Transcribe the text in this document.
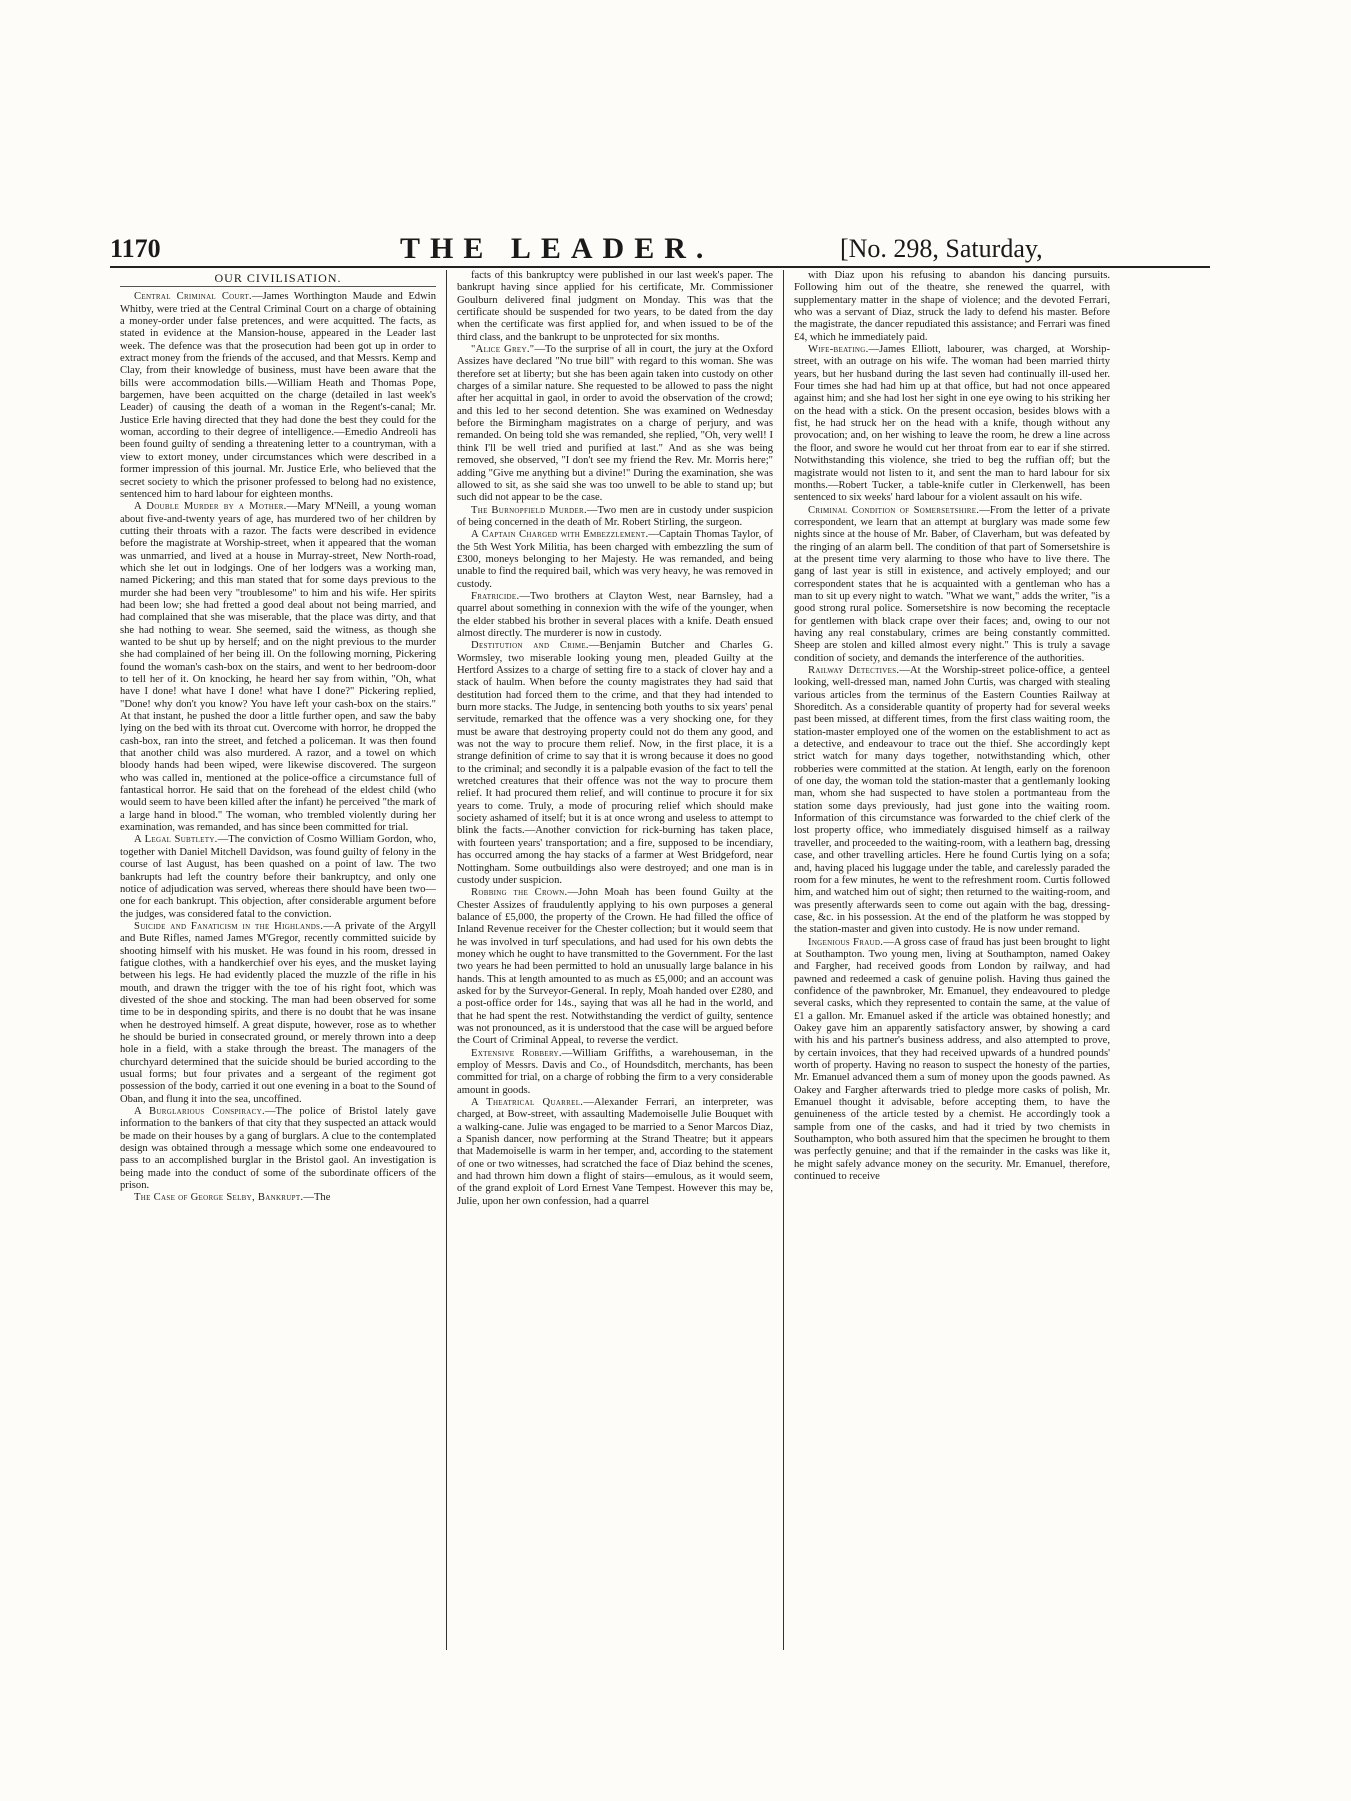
1170	THE LEADER.	[No. 298, Saturday,
OUR CIVILISATION.

Central Criminal Court.—James Worthington Maude and Edwin Whitby, were tried at the Central Criminal Court on a charge of obtaining a money-order under false pretences, and were acquitted. The facts, as stated in evidence at the Mansion-house, appeared in the Leader last week. The defence was that the prosecution had been got up in order to extract money from the friends of the accused, and that Messrs. Kemp and Clay, from their knowledge of business, must have been aware that the bills were accommodation bills.—William Heath and Thomas Pope, bargemen, have been acquitted on the charge (detailed in last week's Leader) of causing the death of a woman in the Regent's-canal; Mr. Justice Erle having directed that they had done the best they could for the woman, according to their degree of intelligence.—Emedio Andreoli has been found guilty of sending a threatening letter to a countryman, with a view to extort money, under circumstances which were described in a former impression of this journal. Mr. Justice Erle, who believed that the secret society to which the prisoner professed to belong had no existence, sentenced him to hard labour for eighteen months.

A Double Murder by a Mother.—Mary M'Neill, a young woman about five-and-twenty years of age, has murdered two of her children by cutting their throats with a razor. The facts were described in evidence before the magistrate at Worship-street, when it appeared that the woman was unmarried, and lived at a house in Murray-street, New North-road, which she let out in lodgings. One of her lodgers was a working man, named Pickering; and this man stated that for some days previous to the murder she had been very "troublesome" to him and his wife. Her spirits had been low; she had fretted a good deal about not being married, and had complained that she was miserable, that the place was dirty, and that she had nothing to wear. She seemed, said the witness, as though she wanted to be shut up by herself; and on the night previous to the murder she had complained of her being ill. On the following morning, Pickering found the woman's cash-box on the stairs, and went to her bedroom-door to tell her of it. On knocking, he heard her say from within, "Oh, what have I done! what have I done! what have I done?" Pickering replied, "Done! why don't you know? You have left your cash-box on the stairs." At that instant, he pushed the door a little further open, and saw the baby lying on the bed with its throat cut. Overcome with horror, he dropped the cash-box, ran into the street, and fetched a policeman. It was then found that another child was also murdered. A razor, and a towel on which bloody hands had been wiped, were likewise discovered. The surgeon who was called in, mentioned at the police-office a circumstance full of fantastical horror. He said that on the forehead of the eldest child (who would seem to have been killed after the infant) he perceived "the mark of a large hand in blood." The woman, who trembled violently during her examination, was remanded, and has since been committed for trial.

A Legal Subtlety.—The conviction of Cosmo William Gordon, who, together with Daniel Mitchell Davidson, was found guilty of felony in the course of last August, has been quashed on a point of law. The two bankrupts had left the country before their bankruptcy, and only one notice of adjudication was served, whereas there should have been two—one for each bankrupt. This objection, after considerable argument before the judges, was considered fatal to the conviction.

Suicide and Fanaticism in the Highlands.—A private of the Argyll and Bute Rifles, named James M'Gregor, recently committed suicide by shooting himself with his musket. He was found in his room, dressed in fatigue clothes, with a handkerchief over his eyes, and the musket laying between his legs. He had evidently placed the muzzle of the rifle in his mouth, and drawn the trigger with the toe of his right foot, which was divested of the shoe and stocking. The man had been observed for some time to be in desponding spirits, and there is no doubt that he was insane when he destroyed himself. A great dispute, however, rose as to whether he should be buried in consecrated ground, or merely thrown into a deep hole in a field, with a stake through the breast. The managers of the churchyard determined that the suicide should be buried according to the usual forms; but four privates and a sergeant of the regiment got possession of the body, carried it out one evening in a boat to the Sound of Oban, and flung it into the sea, uncoffined.

A Burglarious Conspiracy.—The police of Bristol lately gave information to the bankers of that city that they suspected an attack would be made on their houses by a gang of burglars. A clue to the contemplated design was obtained through a message which some one endeavoured to pass to an accomplished burglar in the Bristol gaol. An investigation is being made into the conduct of some of the subordinate officers of the prison.

The Case of George Selby, Bankrupt.—The

facts of this bankruptcy were published in our last week's paper. The bankrupt having since applied for his certificate, Mr. Commissioner Goulburn delivered final judgment on Monday. This was that the certificate should be suspended for two years, to be dated from the day when the certificate was first applied for, and when issued to be of the third class, and the bankrupt to be unprotected for six months.

"Alice Grey."—To the surprise of all in court, the jury at the Oxford Assizes have declared "No true bill" with regard to this woman. She was therefore set at liberty; but she has been again taken into custody on other charges of a similar nature. She requested to be allowed to pass the night after her acquittal in gaol, in order to avoid the observation of the crowd; and this led to her second detention. She was examined on Wednesday before the Birmingham magistrates on a charge of perjury, and was remanded. On being told she was remanded, she replied, "Oh, very well! I think I'll be well tried and purified at last." And as she was being removed, she observed, "I don't see my friend the Rev. Mr. Morris here;" adding "Give me anything but a divine!" During the examination, she was allowed to sit, as she said she was too unwell to be able to stand up; but such did not appear to be the case.

The Burnopfield Murder.—Two men are in custody under suspicion of being concerned in the death of Mr. Robert Stirling, the surgeon.

A Captain Charged with Embezzlement.—Captain Thomas Taylor, of the 5th West York Militia, has been charged with embezzling the sum of £300, moneys belonging to her Majesty. He was remanded, and being unable to find the required bail, which was very heavy, he was removed in custody.

Fratricide.—Two brothers at Clayton West, near Barnsley, had a quarrel about something in connexion with the wife of the younger, when the elder stabbed his brother in several places with a knife. Death ensued almost directly. The murderer is now in custody.

Destitution and Crime.—Benjamin Butcher and Charles G. Wormsley, two miserable looking young men, pleaded Guilty at the Hertford Assizes to a charge of setting fire to a stack of clover hay and a stack of haulm. When before the county magistrates they had said that destitution had forced them to the crime, and that they had intended to burn more stacks. The Judge, in sentencing both youths to six years' penal servitude, remarked that the offence was a very shocking one, for they must be aware that destroying property could not do them any good, and was not the way to procure them relief. Now, in the first place, it is a strange definition of crime to say that it is wrong because it does no good to the criminal; and secondly it is a palpable evasion of the fact to tell the wretched creatures that their offence was not the way to procure them relief. It had procured them relief, and will continue to procure it for six years to come. Truly, a mode of procuring relief which should make society ashamed of itself; but it is at once wrong and useless to attempt to blink the facts.—Another conviction for rick-burning has taken place, with fourteen years' transportation; and a fire, supposed to be incendiary, has occurred among the hay stacks of a farmer at West Bridgeford, near Nottingham. Some outbuildings also were destroyed; and one man is in custody under suspicion.

Robbing the Crown.—John Moah has been found Guilty at the Chester Assizes of fraudulently applying to his own purposes a general balance of £5,000, the property of the Crown. He had filled the office of Inland Revenue receiver for the Chester collection; but it would seem that he was involved in turf speculations, and had used for his own debts the money which he ought to have transmitted to the Government. For the last two years he had been permitted to hold an unusually large balance in his hands. This at length amounted to as much as £5,000; and an account was asked for by the Surveyor-General. In reply, Moah handed over £280, and a post-office order for 14s., saying that was all he had in the world, and that he had spent the rest. Notwithstanding the verdict of guilty, sentence was not pronounced, as it is understood that the case will be argued before the Court of Criminal Appeal, to reverse the verdict.

Extensive Robbery.—William Griffiths, a warehouseman, in the employ of Messrs. Davis and Co., of Houndsditch, merchants, has been committed for trial, on a charge of robbing the firm to a very considerable amount in goods.

A Theatrical Quarrel.—Alexander Ferrari, an interpreter, was charged, at Bow-street, with assaulting Mademoiselle Julie Bouquet with a walking-cane. Julie was engaged to be married to a Senor Marcos Diaz, a Spanish dancer, now performing at the Strand Theatre; but it appears that Mademoiselle is warm in her temper, and, according to the statement of one or two witnesses, had scratched the face of Diaz behind the scenes, and had thrown him down a flight of stairs—emulous, as it would seem, of the grand exploit of Lord Ernest Vane Tempest. However this may be, Julie, upon her own confession, had a quarrel

with Diaz upon his refusing to abandon his dancing pursuits. Following him out of the theatre, she renewed the quarrel, with supplementary matter in the shape of violence; and the devoted Ferrari, who was a servant of Diaz, struck the lady to defend his master. Before the magistrate, the dancer repudiated this assistance; and Ferrari was fined £4, which he immediately paid.

Wife-beating.—James Elliott, labourer, was charged, at Worship-street, with an outrage on his wife. The woman had been married thirty years, but her husband during the last seven had continually ill-used her. Four times she had had him up at that office, but had not once appeared against him; and she had lost her sight in one eye owing to his striking her on the head with a stick. On the present occasion, besides blows with a fist, he had struck her on the head with a knife, though without any provocation; and, on her wishing to leave the room, he drew a line across the floor, and swore he would cut her throat from ear to ear if she stirred. Notwithstanding this violence, she tried to beg the ruffian off; but the magistrate would not listen to it, and sent the man to hard labour for six months.—Robert Tucker, a table-knife cutler in Clerkenwell, has been sentenced to six weeks' hard labour for a violent assault on his wife.

Criminal Condition of Somersetshire.—From the letter of a private correspondent, we learn that an attempt at burglary was made some few nights since at the house of Mr. Baber, of Claverham, but was defeated by the ringing of an alarm bell. The condition of that part of Somersetshire is at the present time very alarming to those who have to live there. The gang of last year is still in existence, and actively employed; and our correspondent states that he is acquainted with a gentleman who has a man to sit up every night to watch. "What we want," adds the writer, "is a good strong rural police. Somersetshire is now becoming the receptacle for gentlemen with black crape over their faces; and, owing to our not having any real constabulary, crimes are being constantly committed. Sheep are stolen and killed almost every night." This is truly a savage condition of society, and demands the interference of the authorities.

Railway Detectives.—At the Worship-street police-office, a genteel looking, well-dressed man, named John Curtis, was charged with stealing various articles from the terminus of the Eastern Counties Railway at Shoreditch. As a considerable quantity of property had for several weeks past been missed, at different times, from the first class waiting room, the station-master employed one of the women on the establishment to act as a detective, and endeavour to trace out the thief. She accordingly kept strict watch for many days together, notwithstanding which, other robberies were committed at the station. At length, early on the forenoon of one day, the woman told the station-master that a gentlemanly looking man, whom she had suspected to have stolen a portmanteau from the station some days previously, had just gone into the waiting room. Information of this circumstance was forwarded to the chief clerk of the lost property office, who immediately disguised himself as a railway traveller, and proceeded to the waiting-room, with a leathern bag, dressing case, and other travelling articles. Here he found Curtis lying on a sofa; and, having placed his luggage under the table, and carelessly paraded the room for a few minutes, he went to the refreshment room. Curtis followed him, and watched him out of sight; then returned to the waiting-room, and was presently afterwards seen to come out again with the bag, dressing-case, &c. in his possession. At the end of the platform he was stopped by the station-master and given into custody. He is now under remand.

Ingenious Fraud.—A gross case of fraud has just been brought to light at Southampton. Two young men, living at Southampton, named Oakey and Fargher, had received goods from London by railway, and had pawned and redeemed a cask of genuine polish. Having thus gained the confidence of the pawnbroker, Mr. Emanuel, they endeavoured to pledge several casks, which they represented to contain the same, at the value of £1 a gallon. Mr. Emanuel asked if the article was obtained honestly; and Oakey gave him an apparently satisfactory answer, by showing a card with his and his partner's business address, and also attempted to prove, by certain invoices, that they had received upwards of a hundred pounds' worth of property. Having no reason to suspect the honesty of the parties, Mr. Emanuel advanced them a sum of money upon the goods pawned. As Oakey and Fargher afterwards tried to pledge more casks of polish, Mr. Emanuel thought it advisable, before accepting them, to have the genuineness of the article tested by a chemist. He accordingly took a sample from one of the casks, and had it tried by two chemists in Southampton, who both assured him that the specimen he brought to them was perfectly genuine; and that if the remainder in the casks was like it, he might safely advance money on the security. Mr. Emanuel, therefore, continued to receive
